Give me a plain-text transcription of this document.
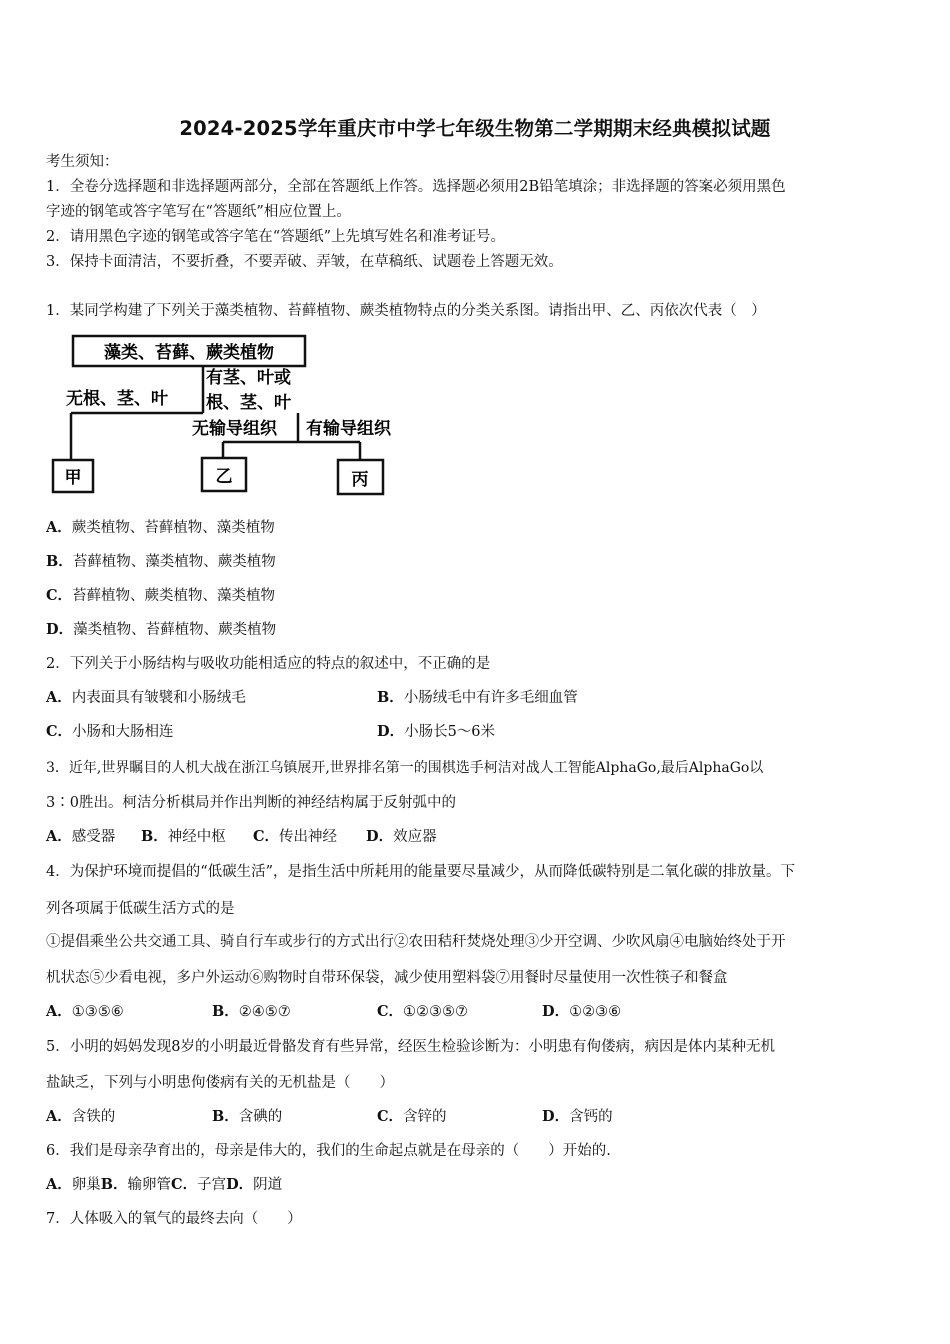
2024-2025学年重庆市中学七年级生物第二学期期末经典模拟试题
考生须知：
1．全卷分选择题和非选择题两部分，全部在答题纸上作答。选择题必须用2B铅笔填涂；非选择题的答案必须用黑色
字迹的钢笔或答字笔写在“答题纸”相应位置上。
2．请用黑色字迹的钢笔或答字笔在“答题纸”上先填写姓名和准考证号。
3．保持卡面清洁，不要折叠，不要弄破、弄皱，在草稿纸、试题卷上答题无效。
1．某同学构建了下列关于藻类植物、苔藓植物、蕨类植物特点的分类关系图。请指出甲、乙、丙依次代表（　）
藻类、苔藓、蕨类植物
无根、茎、叶
有茎、叶或
根、茎、叶
无输导组织 有输导组织
甲	乙	丙
A．蕨类植物、苔藓植物、藻类植物
B．苔藓植物、藻类植物、蕨类植物
C．苔藓植物、蕨类植物、藻类植物
D．藻类植物、苔藓植物、蕨类植物
2．下列关于小肠结构与吸收功能相适应的特点的叙述中，不正确的是
A．内表面具有皱襞和小肠绒毛	B．小肠绒毛中有许多毛细血管
C．小肠和大肠相连	D．小肠长5～6米
3．近年,世界瞩目的人机大战在浙江乌镇展开,世界排名第一的围棋选手柯洁对战人工智能AlphaGo,最后AlphaGo以
3∶0胜出。柯洁分析棋局并作出判断的神经结构属于反射弧中的
A．感受器 B．神经中枢 C．传出神经 D．效应器
4．为保护环境而提倡的“低碳生活”，是指生活中所耗用的能量要尽量减少，从而降低碳特别是二氧化碳的排放量。下
列各项属于低碳生活方式的是
①提倡乘坐公共交通工具、骑自行车或步行的方式出行②农田秸秆焚烧处理③少开空调、少吹风扇④电脑始终处于开
机状态⑤少看电视，多户外运动⑥购物时自带环保袋，减少使用塑料袋⑦用餐时尽量使用一次性筷子和餐盒
A．①③⑤⑥	B．②④⑤⑦	C．①②③⑤⑦	D．①②③⑥
5．小明的妈妈发现8岁的小明最近骨骼发育有些异常，经医生检验诊断为：小明患有佝偻病，病因是体内某种无机
盐缺乏，下列与小明患佝偻病有关的无机盐是（　　）
A．含铁的	B．含碘的	C．含锌的	D．含钙的
6．我们是母亲孕育出的，母亲是伟大的，我们的生命起点就是在母亲的（　　）开始的.
A．卵巢B．输卵管C．子宫D．阴道
7．人体吸入的氧气的最终去向（　　）
